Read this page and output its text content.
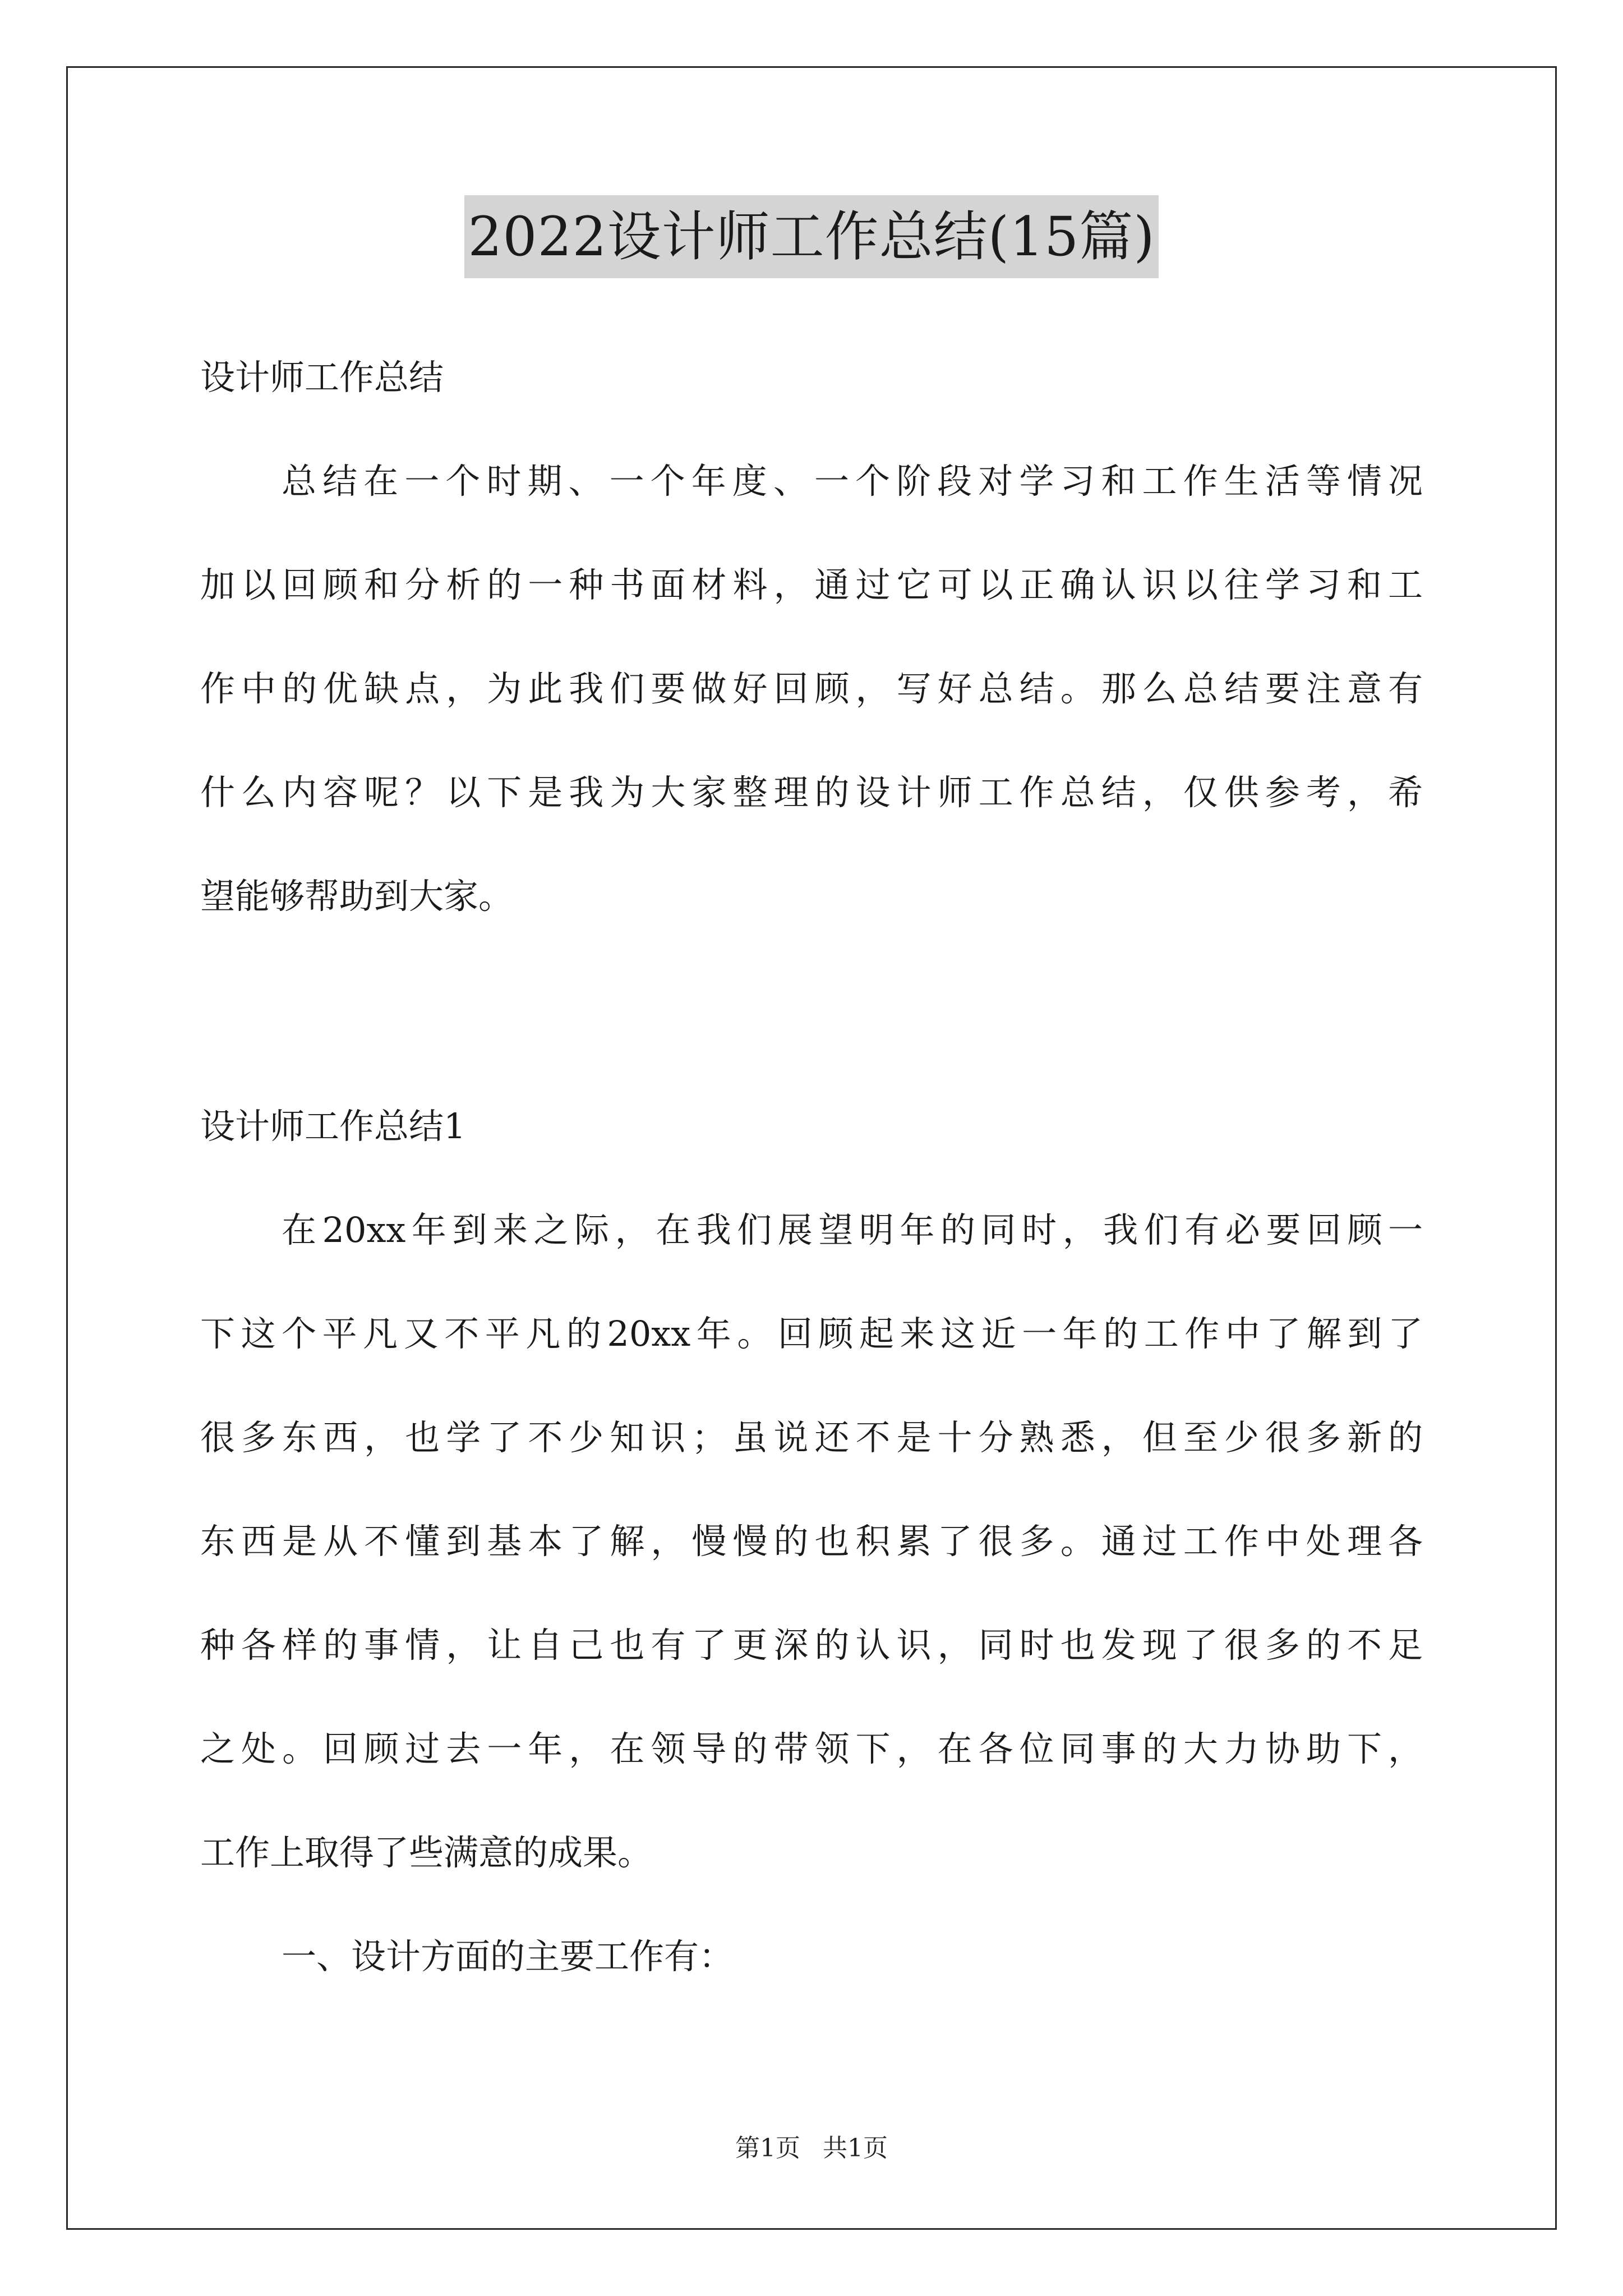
2022设计师工作总结(15篇)
设计师工作总结
总结在一个时期、一个年度、一个阶段对学习和工作生活等情况
加以回顾和分析的一种书面材料，通过它可以正确认识以往学习和工
作中的优缺点，为此我们要做好回顾，写好总结。那么总结要注意有
什么内容呢？以下是我为大家整理的设计师工作总结，仅供参考，希
望能够帮助到大家。
设计师工作总结1
在20xx年到来之际，在我们展望明年的同时，我们有必要回顾一
下这个平凡又不平凡的20xx年。回顾起来这近一年的工作中了解到了
很多东西，也学了不少知识；虽说还不是十分熟悉，但至少很多新的
东西是从不懂到基本了解，慢慢的也积累了很多。通过工作中处理各
种各样的事情，让自己也有了更深的认识，同时也发现了很多的不足
之处。回顾过去一年，在领导的带领下，在各位同事的大力协助下，
工作上取得了些满意的成果。
一、设计方面的主要工作有：
第1页 共1页
